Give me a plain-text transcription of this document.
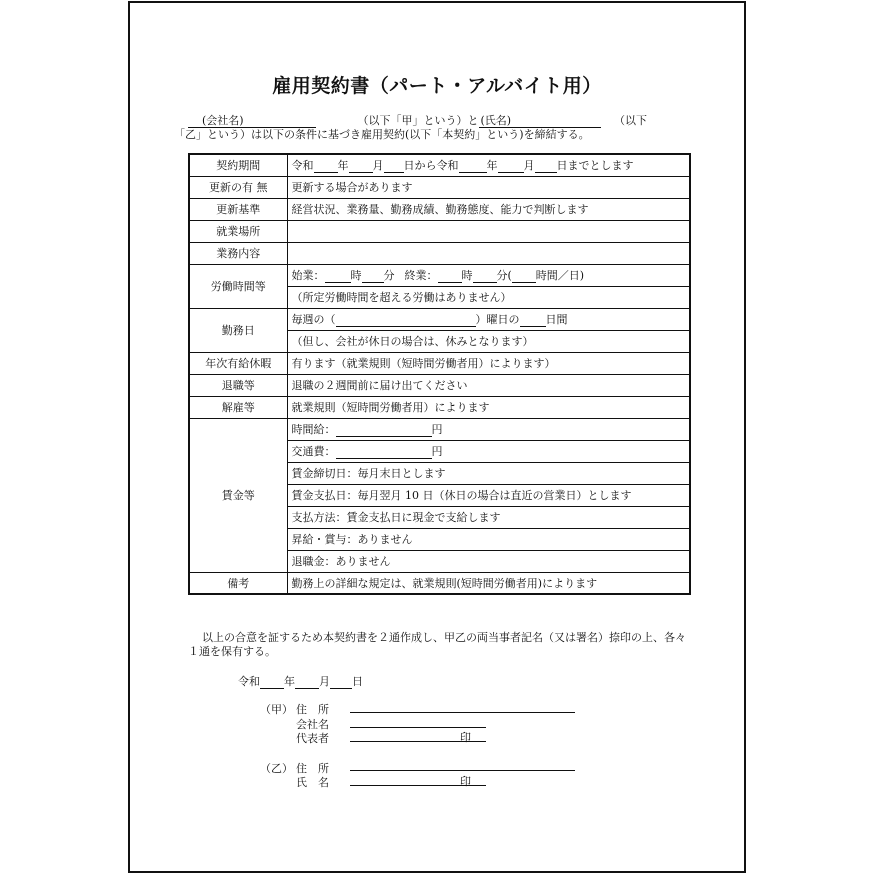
雇用契約書（パート・アルバイト用）
(会社名)	（以下「甲」という）と (氏名)	（以下
「乙」という）は以下の条件に基づき雇用契約(以下「本契約」という)を締結する。
契約期間	令和 年 月 日から令和 年 月 日までとします
更新の有 無	更新する場合があります
更新基準	経営状況、業務量、勤務成績、勤務態度、能力で判断します
就業場所	
業務内容	
労働時間等	始業： 時 分 終業： 時 分( 時間／日)
	（所定労働時間を超える労働はありません）
勤務日	毎週の（ ）曜日の 日間
	（但し、会社が休日の場合は、休みとなります）
年次有給休暇	有ります（就業規則（短時間労働者用）によります）
退職等	退職の２週間前に届け出てください
解雇等	就業規則（短時間労働者用）によります
賃金等	時間給： 円
	交通費： 円
	賃金締切日：毎月末日とします
	賃金支払日：毎月翌月 10 日（休日の場合は直近の営業日）とします
	支払方法：賃金支払日に現金で支給します
	昇給・賞与：ありません
	退職金：ありません
備考	勤務上の詳細な規定は、就業規則(短時間労働者用)によります
以上の合意を証するため本契約書を２通作成し、甲乙の両当事者記名（又は署名）捺印の上、各々１通を保有する。
令和 年 月 日
（甲） 住　所
会社名
代表者	印
（乙） 住　所
氏　名	印
